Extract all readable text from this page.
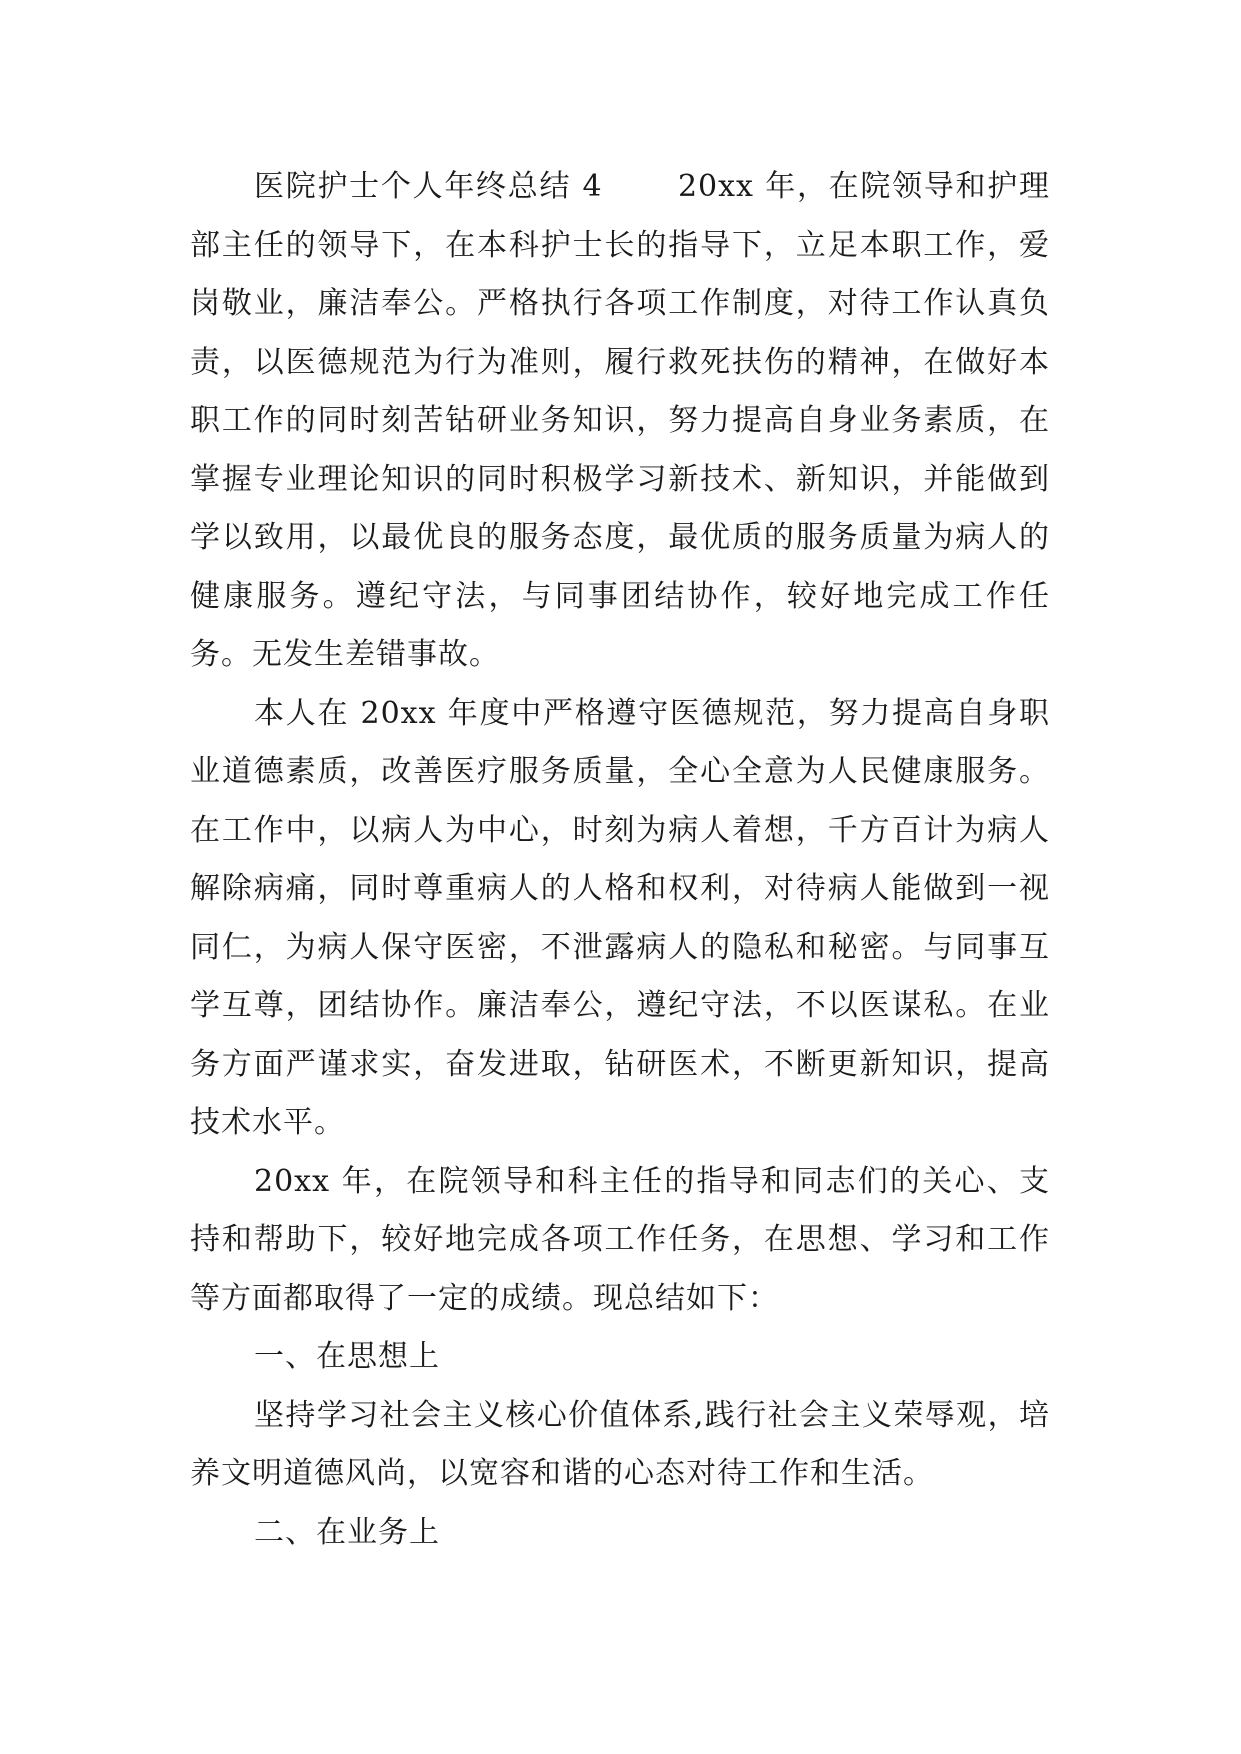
医院护士个人年终总结 4　　 20xx 年，在院领导和护理部主任的领导下，在本科护士长的指导下，立足本职工作，爱岗敬业，廉洁奉公。严格执行各项工作制度，对待工作认真负责，以医德规范为行为准则，履行救死扶伤的精神，在做好本职工作的同时刻苦钻研业务知识，努力提高自身业务素质，在掌握专业理论知识的同时积极学习新技术、新知识，并能做到学以致用，以最优良的服务态度，最优质的服务质量为病人的健康服务。遵纪守法，与同事团结协作，较好地完成工作任务。无发生差错事故。

本人在 20xx 年度中严格遵守医德规范，努力提高自身职业道德素质，改善医疗服务质量，全心全意为人民健康服务。在工作中，以病人为中心，时刻为病人着想，千方百计为病人解除病痛，同时尊重病人的人格和权利，对待病人能做到一视同仁，为病人保守医密，不泄露病人的隐私和秘密。与同事互学互尊，团结协作。廉洁奉公，遵纪守法，不以医谋私。在业务方面严谨求实，奋发进取，钻研医术，不断更新知识，提高技术水平。

20xx 年，在院领导和科主任的指导和同志们的关心、支持和帮助下，较好地完成各项工作任务，在思想、学习和工作等方面都取得了一定的成绩。现总结如下：

一、在思想上

坚持学习社会主义核心价值体系,践行社会主义荣辱观，培养文明道德风尚，以宽容和谐的心态对待工作和生活。

二、在业务上
